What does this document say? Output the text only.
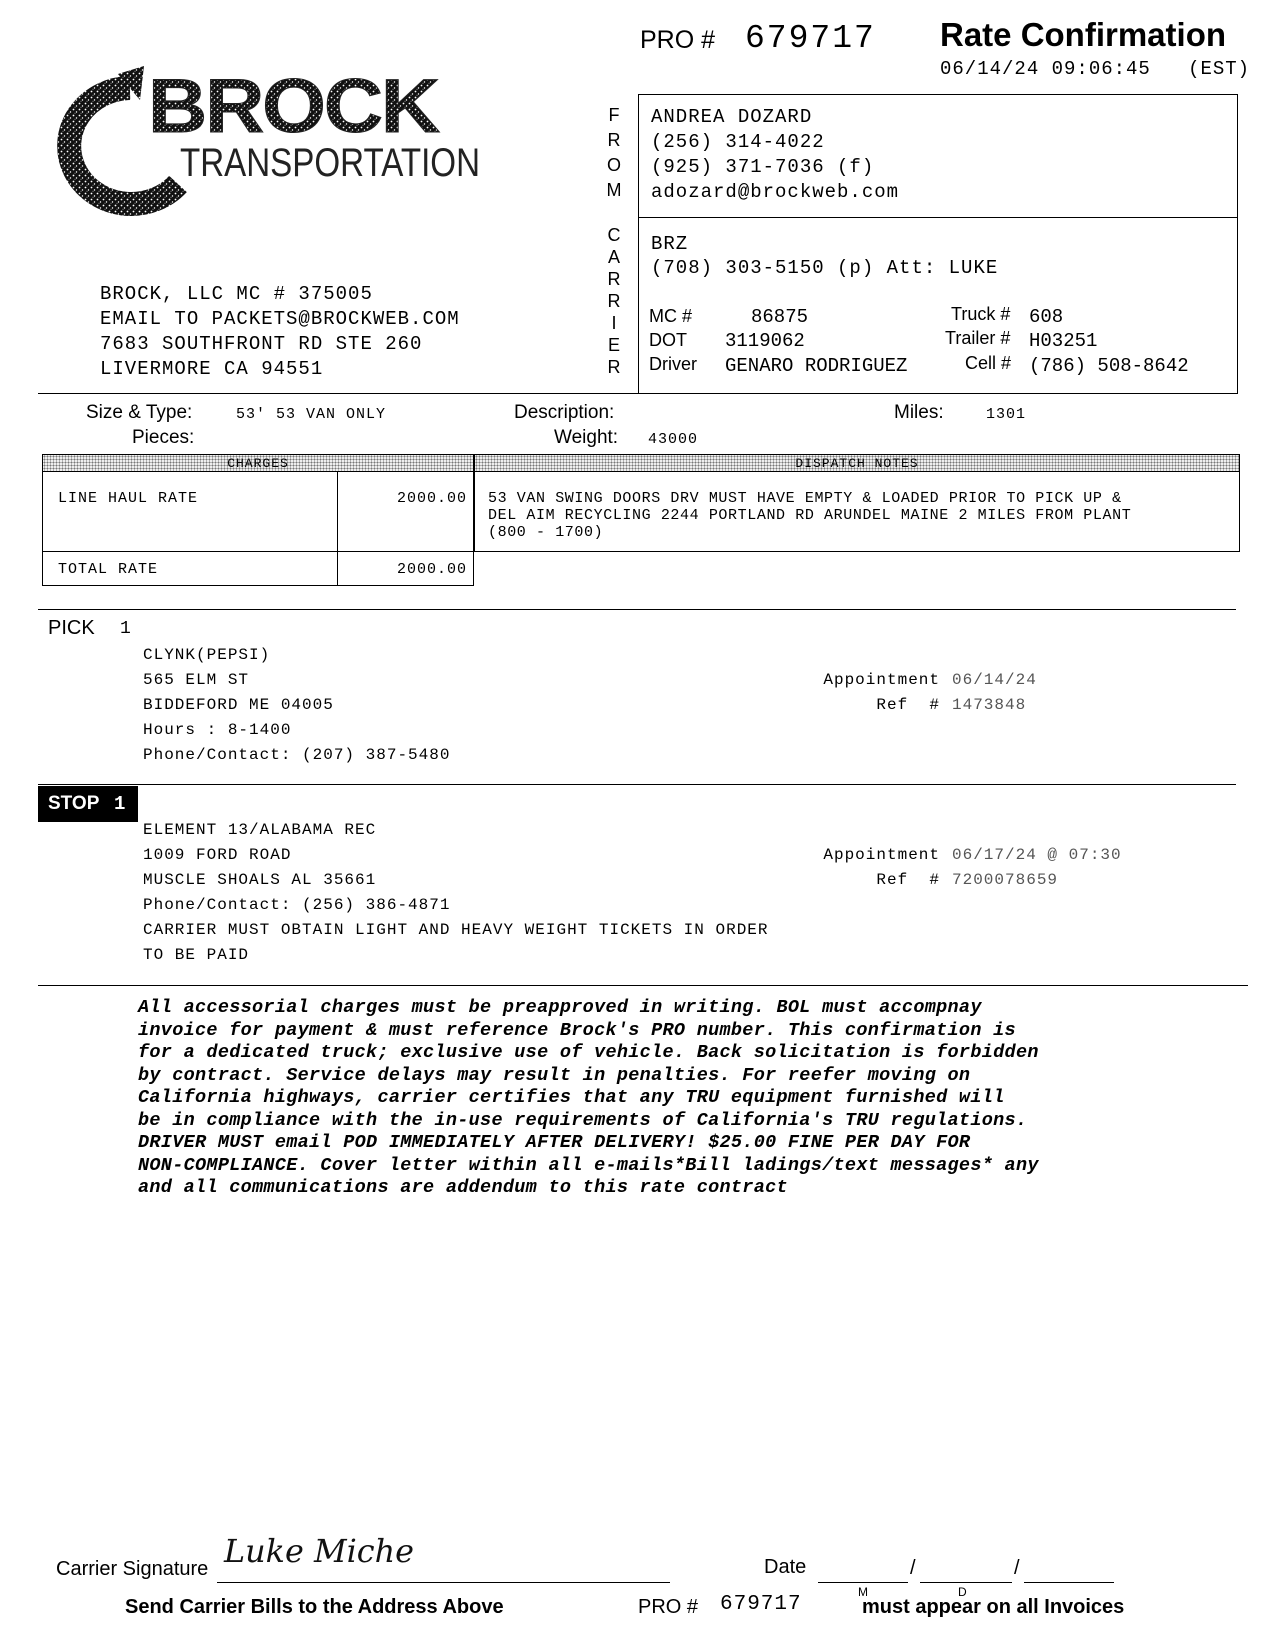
PRO # 679717 Rate Confirmation
06/14/24 09:06:45 (EST)
BROCK
TRANSPORTATION
BROCK, LLC MC # 375005
EMAIL TO PACKETS@BROCKWEB.COM
7683 SOUTHFRONT RD STE 260
LIVERMORE CA 94551
F
R
O
M
C
A
R
R
I
E
R
ANDREA DOZARD
(256) 314-4022
(925) 371-7036 (f)
adozard@brockweb.com
BRZ
(708) 303-5150 (p) Att: LUKE
MC #	86875	Truck # 608
DOT 3119062	Trailer # H03251
Driver GENARO RODRIGUEZ	Cell # (786) 508-8642
Size & Type:	53' 53 VAN ONLY
Pieces:
Description:
Weight: 43000
Miles:	1301
CHARGES	DISPATCH NOTES
LINE HAUL RATE	2000.00 53 VAN SWING DOORS DRV MUST HAVE EMPTY & LOADED PRIOR TO PICK UP &
DEL AIM RECYCLING 2244 PORTLAND RD ARUNDEL MAINE 2 MILES FROM PLANT
(800 - 1700)
TOTAL RATE	2000.00
PICK 1
CLYNK(PEPSI)
565 ELM ST
BIDDEFORD ME 04005
Hours : 8-1400
Phone/Contact: (207) 387-5480
Appointment 06/14/24
Ref  # 1473848
STOP 1
ELEMENT 13/ALABAMA REC
1009 FORD ROAD
MUSCLE SHOALS AL 35661
Phone/Contact: (256) 386-4871
CARRIER MUST OBTAIN LIGHT AND HEAVY WEIGHT TICKETS IN ORDER
TO BE PAID
Appointment 06/17/24 @ 07:30
Ref  # 7200078659
All accessorial charges must be preapproved in writing. BOL must accompnay
invoice for payment & must reference Brock's PRO number. This confirmation is
for a dedicated truck; exclusive use of vehicle. Back solicitation is forbidden
by contract. Service delays may result in penalties. For reefer moving on
California highways, carrier certifies that any TRU equipment furnished will
be in compliance with the in-use requirements of California's TRU regulations.
DRIVER MUST email POD IMMEDIATELY AFTER DELIVERY! $25.00 FINE PER DAY FOR
NON-COMPLIANCE. Cover letter within all e-mails*Bill ladings/text messages* any
and all communications are addendum to this rate contract
Carrier Signature Luke Miche	Date	/	/
M	D
Send Carrier Bills to the Address Above	PRO # 679717	must appear on all Invoices
